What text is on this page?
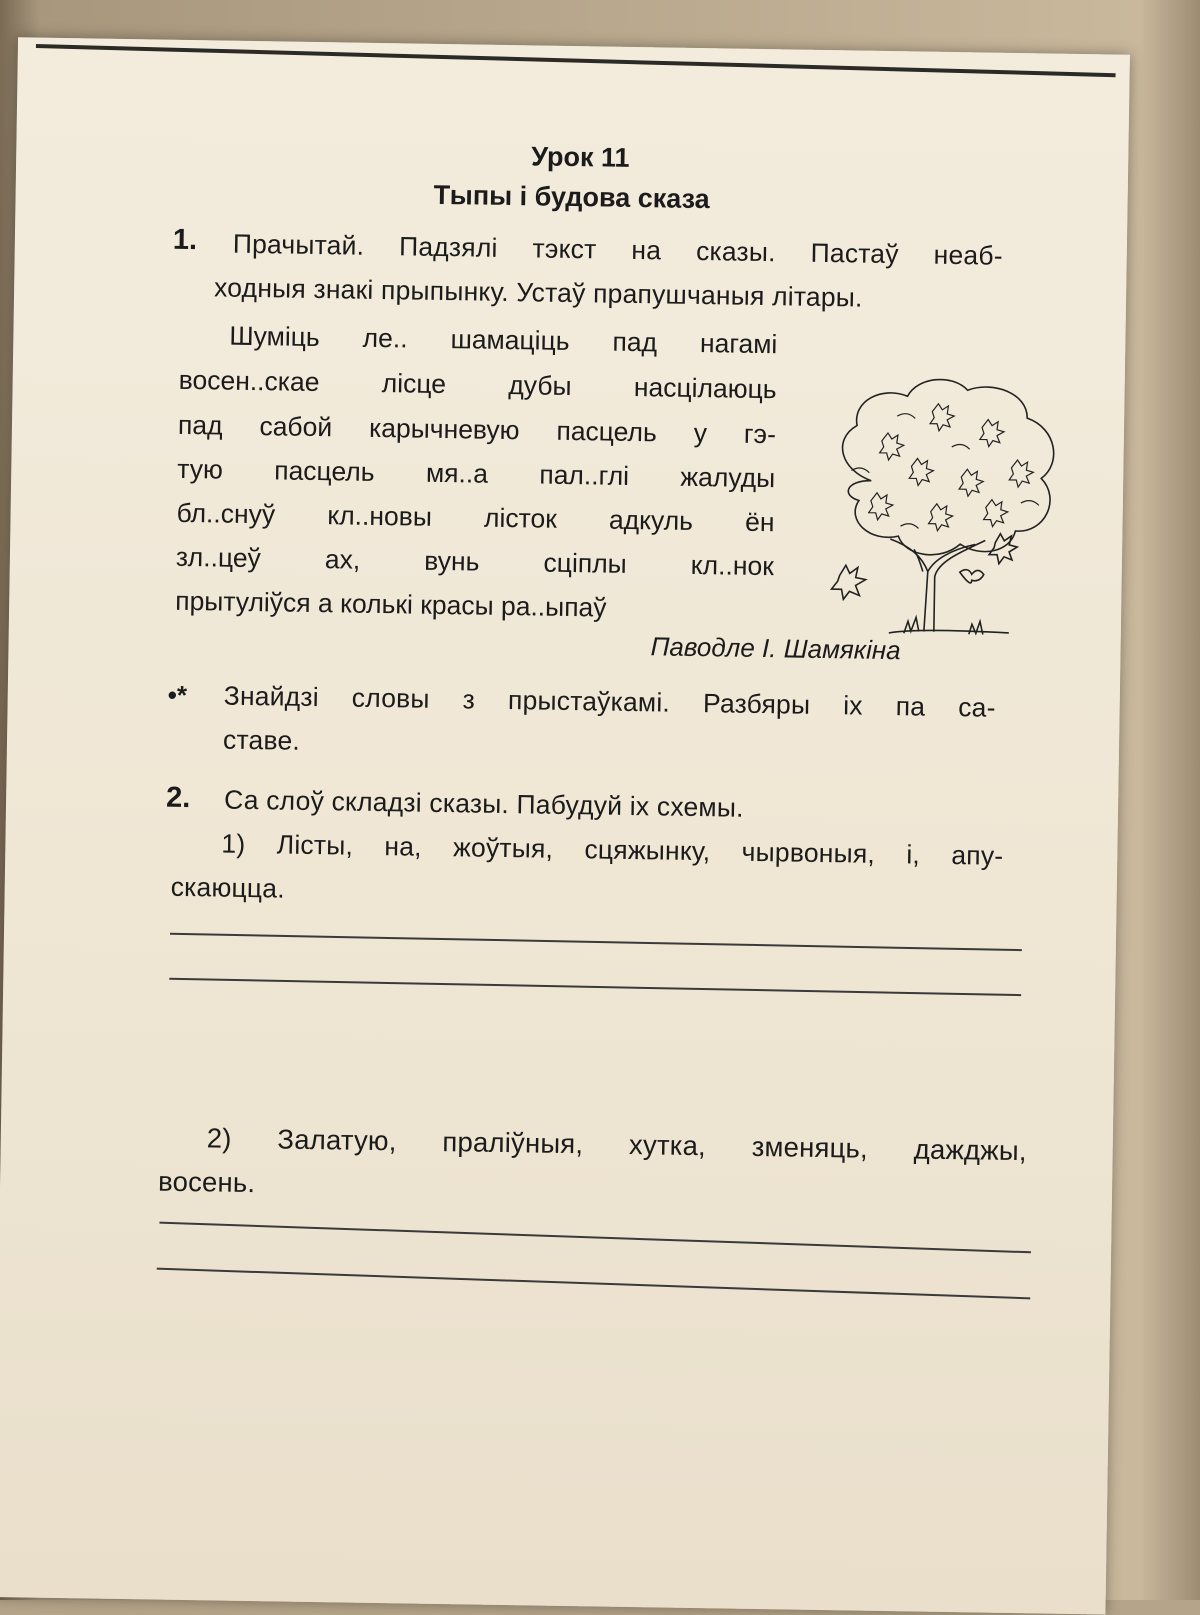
Урок 11
Тыпы і будова сказа
1. Прачытай. Падзялі тэкст на сказы. Пастаў неаб-
ходныя знакі прыпынку. Устаў прапушчаныя літары.
Шуміць ле.. шамаціць пад нагамі
восен..скае лісце дубы насцілаюць
пад сабой карычневую пасцель у гэ-
тую пасцель мя..а пал..глі жалуды
бл..снуў кл..новы лісток адкуль ён
зл..цеў ах, вунь сціплы кл..нок
прытуліўся а колькі красы ра..ыпаў
Паводле І. Шамякіна
•* Знайдзі словы з прыстаўкамі. Разбяры іх па са-
ставе.
2. Са слоў складзі сказы. Пабудуй іх схемы.
1) Лісты, на, жоўтыя, сцяжынку, чырвоныя, і, апу-
скаюцца.
2) Залатую, праліўныя, хутка, зменяць, дажджы,
восень.
